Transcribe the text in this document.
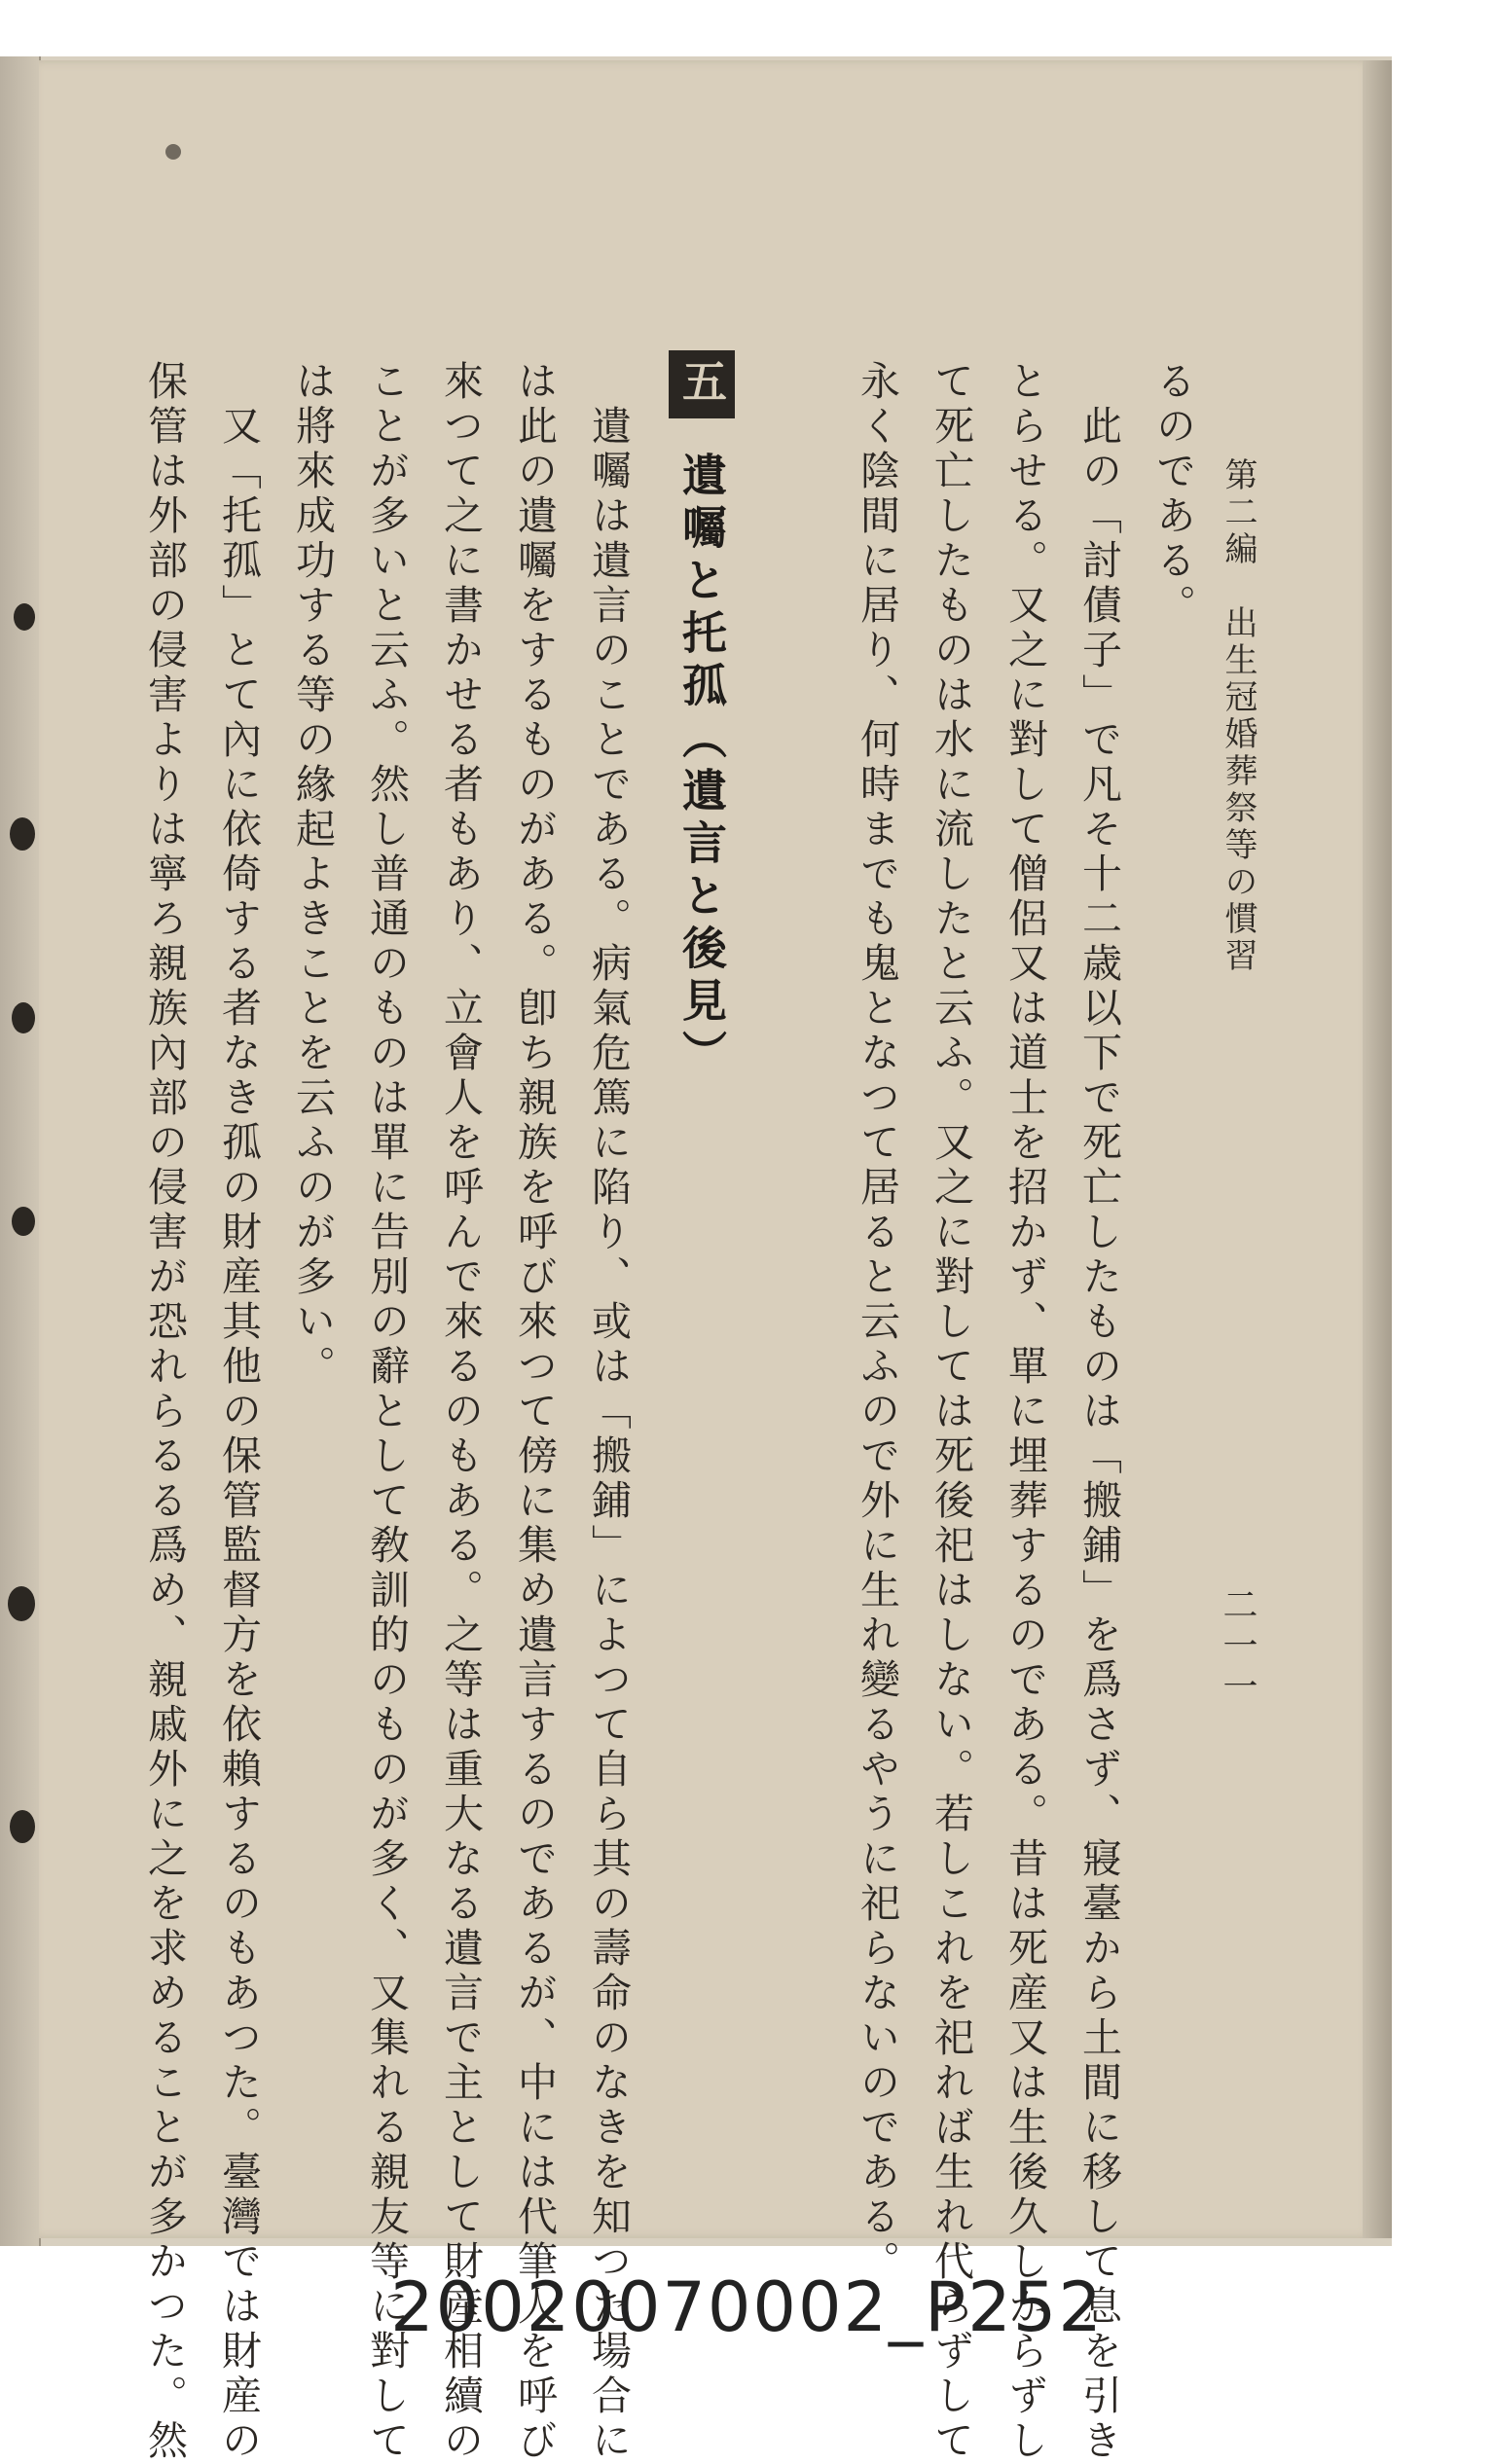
第二編　出生冠婚葬祭等の慣習
二一一
るのである。
　此の「討債子」で凡そ十二歳以下で死亡したものは「搬鋪」を爲さず、寢臺から土間に移して息を引き
とらせる。又之に對して僧侶又は道士を招かず、單に埋葬するのである。昔は死産又は生後久しからずし
て死亡したものは水に流したと云ふ。又之に對しては死後祀はしない。若しこれを祀れば生れ代らずして
永く陰間に居り、何時までも鬼となつて居ると云ふので外に生れ變るやうに祀らないのである。
五 遺囑と托孤（遺言と後見）
　遺囑は遺言のことである。病氣危篤に陷り、或は「搬鋪」によつて自ら其の壽命のなきを知つた場合に
は此の遺囑をするものがある。卽ち親族を呼び來つて傍に集め遺言するのであるが、中には代筆人を呼び
來つて之に書かせる者もあり、立會人を呼んで來るのもある。之等は重大なる遺言で主として財産相續の
ことが多いと云ふ。然し普通のものは單に告別の辭として敎訓的のものが多く、又集れる親友等に對して
は將來成功する等の緣起よきことを云ふのが多い。
　又「托孤」とて內に依倚する者なき孤の財産其他の保管監督方を依賴するのもあつた。臺灣では財産の
保管は外部の侵害よりは寧ろ親族內部の侵害が恐れらるる爲め、親戚外に之を求めることが多かつた。然	20020070002_P252
